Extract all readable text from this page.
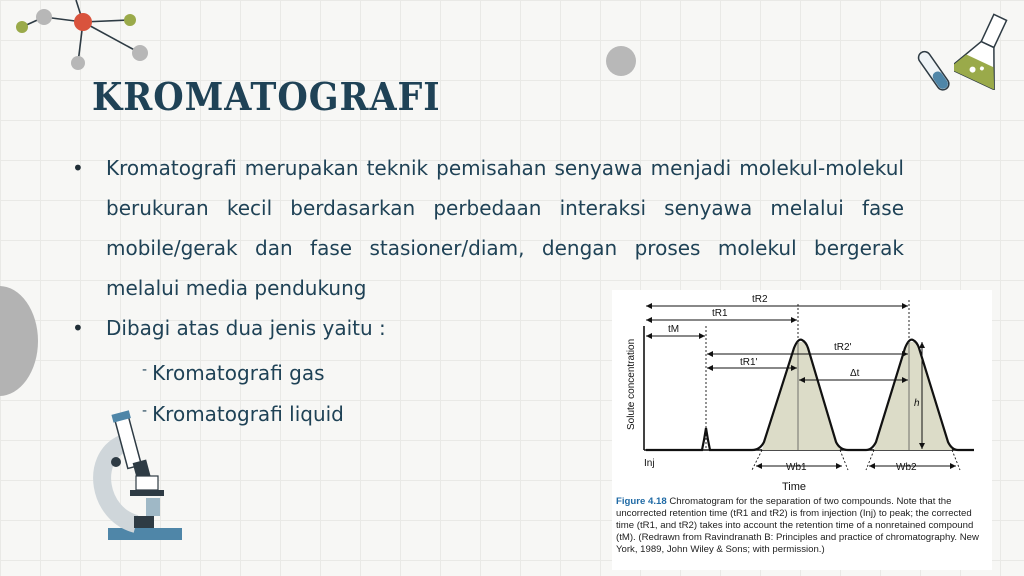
KROMATOGRAFI
• Kromatografi merupakan teknik pemisahan senyawa menjadi molekul-molekul berukuran kecil berdasarkan perbedaan interaksi senyawa melalui fase mobile/gerak dan fase stasioner/diam, dengan proses molekul bergerak melalui media pendukung

• Dibagi atas dua jenis yaitu :

- Kromatografi gas
- Kromatografi liquid	Solute concentration
Time
Inj
tR2
tR1
tM
tR2'
tR1'
Δt
h
Wb1	Wb2
Figure 4.18 Chromatogram for the separation of two compounds. Note that the uncorrected retention time (tR1 and tR2) is from injection (Inj) to peak; the corrected time (tR1, and tR2) takes into account the retention time of a nonretained compound (tM). (Redrawn from Ravindranath B: Principles and practice of chromatography. New York, 1989, John Wiley & Sons; with permission.)
